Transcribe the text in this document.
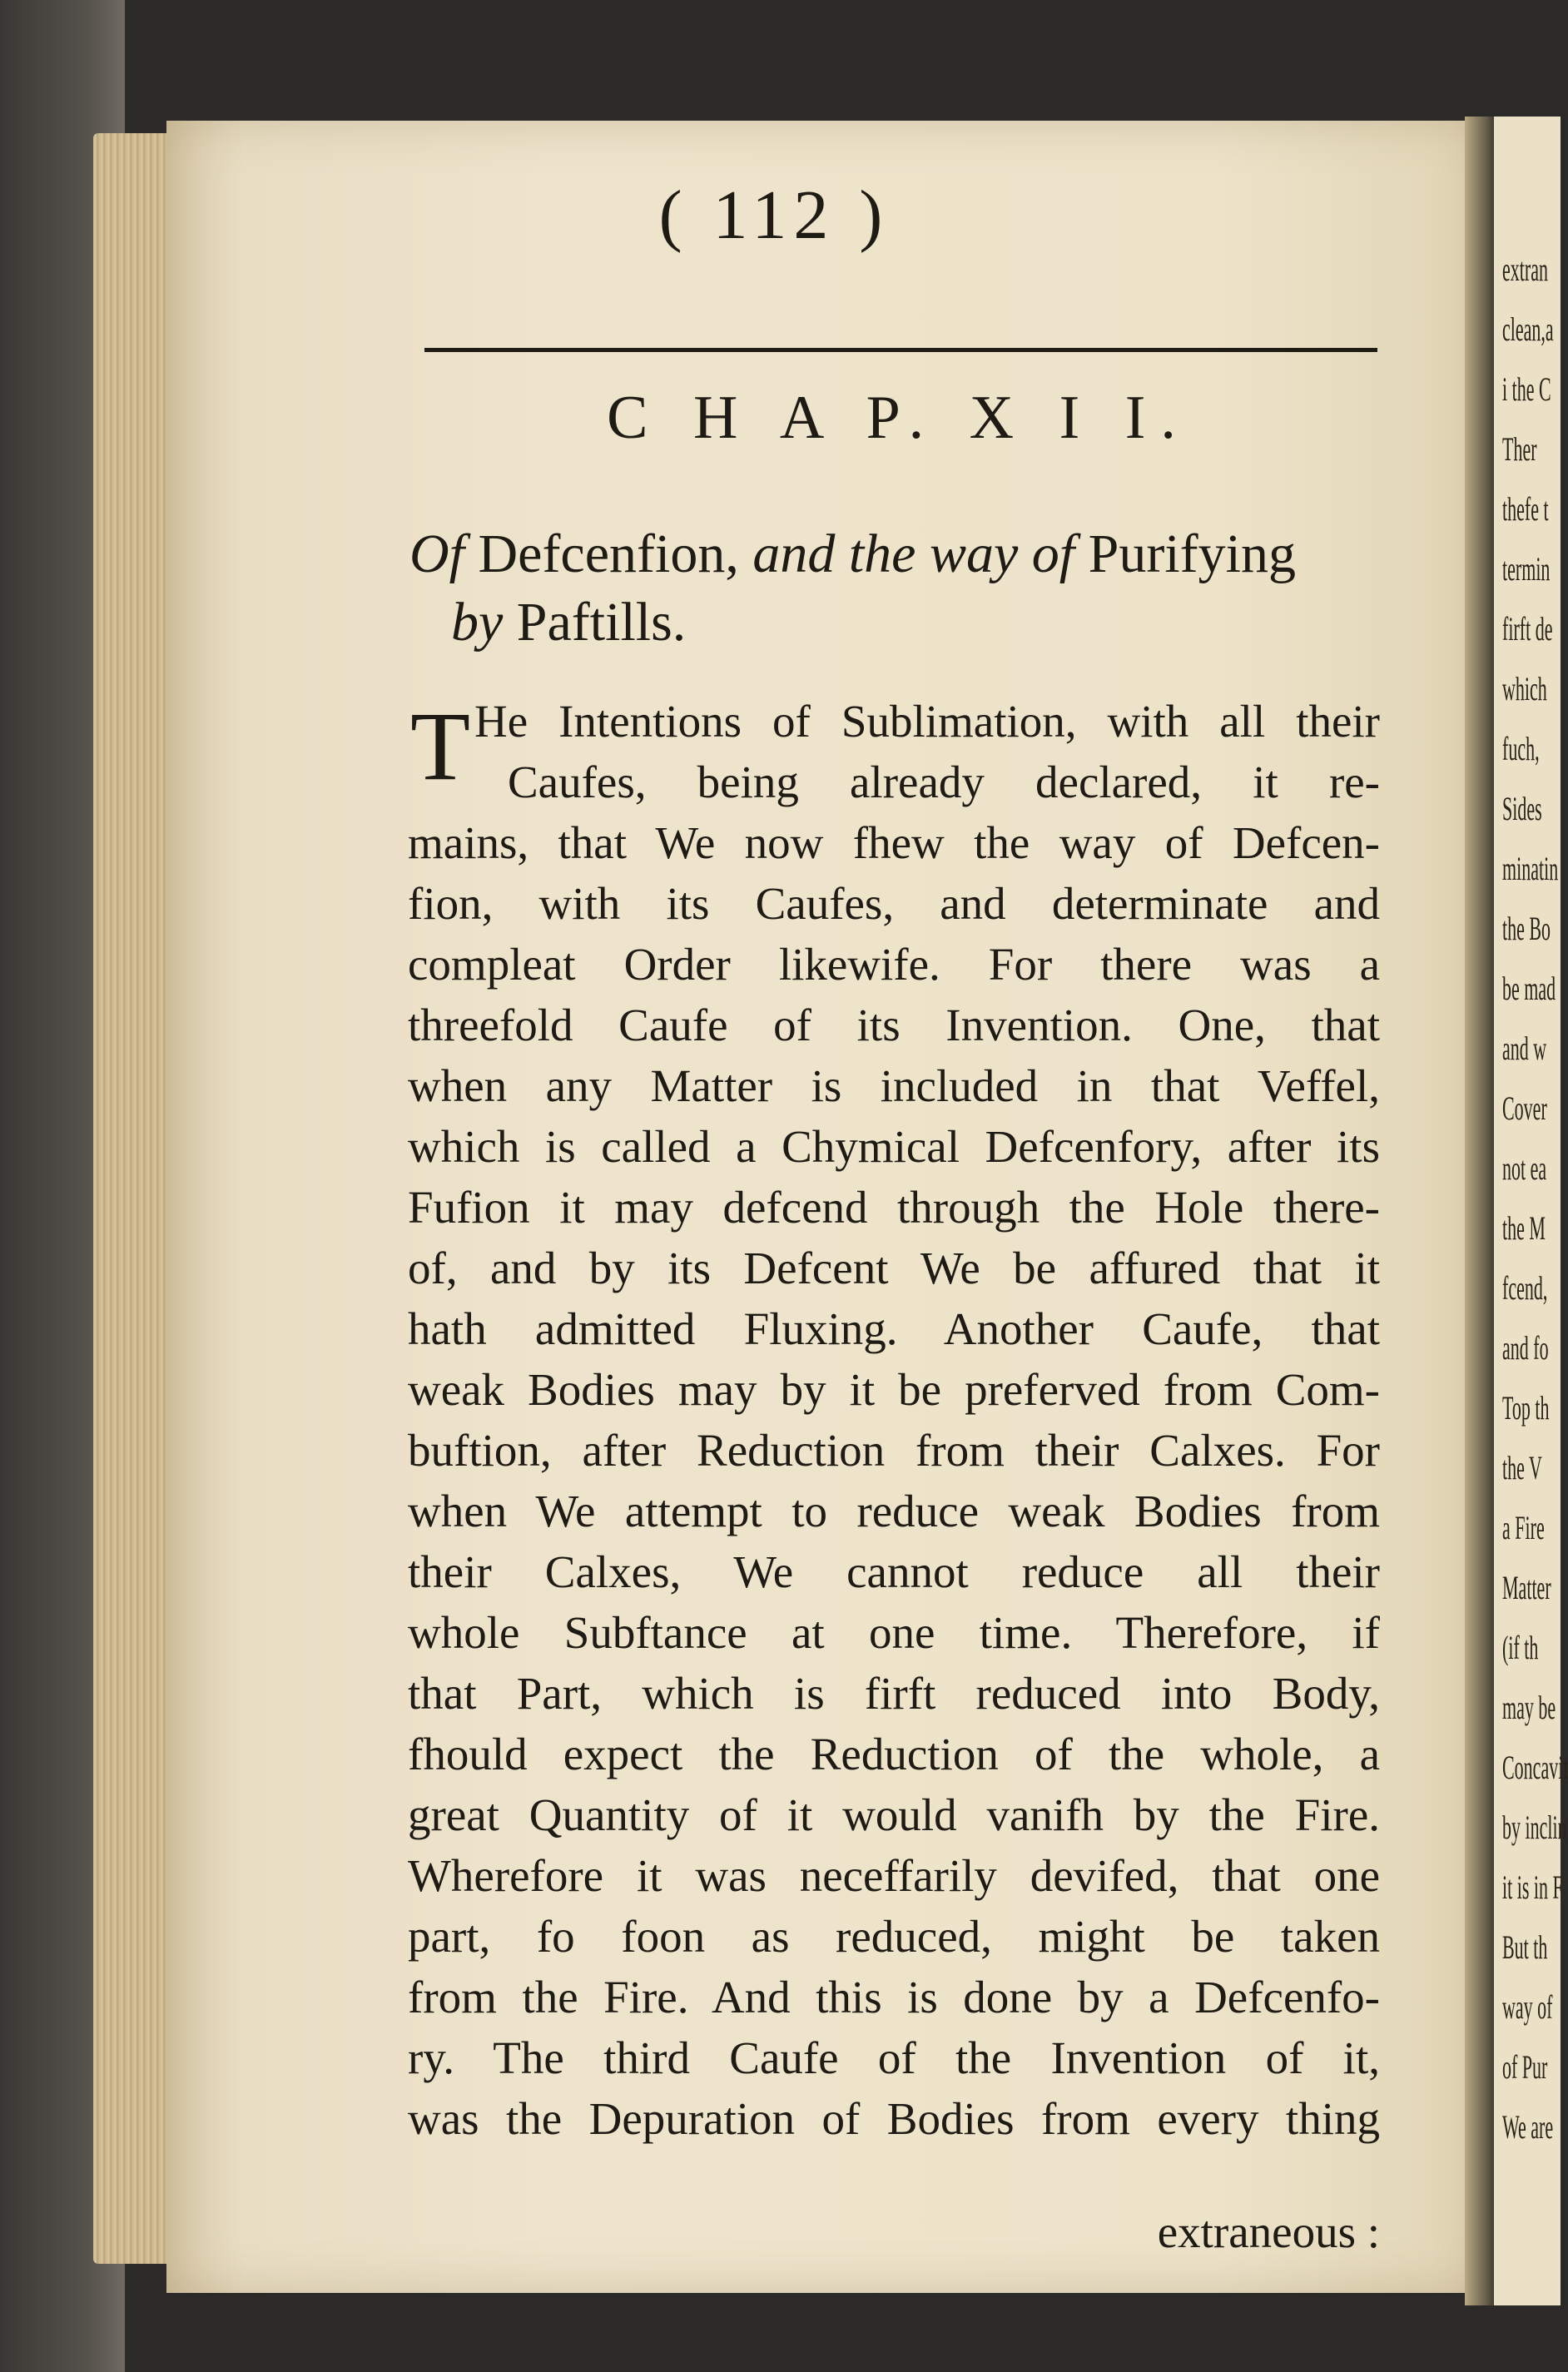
extran
clean,a
i the C
Ther
thefe t
termin
firft de
which
fuch,
Sides
minatin
the Bo
be mad
and w
Cover
not ea
the M
fcend,
and fo
Top th
the V
a Fire
Matter
(if th
may be
Concavit
by inclin
it is in F
But th
way of
of Pur
We are
( 112 )
C H A P. X I I.
Of Defcenfion, and the way of Purifying
by Paftills.
T He Intentions of Sublimation, with all their
Caufes, being already declared, it re-
mains, that We now fhew the way of Defcen-
fion, with its Caufes, and determinate and
compleat Order likewife. For there was a
threefold Caufe of its Invention. One, that
when any Matter is included in that Veffel,
which is called a Chymical Defcenfory, after its
Fufion it may defcend through the Hole there-
of, and by its Defcent We be affured that it
hath admitted Fluxing. Another Caufe, that
weak Bodies may by it be preferved from Com-
buftion, after Reduction from their Calxes. For
when We attempt to reduce weak Bodies from
their Calxes, We cannot reduce all their
whole Subftance at one time. Therefore, if
that Part, which is firft reduced into Body,
fhould expect the Reduction of the whole, a
great Quantity of it would vanifh by the Fire.
Wherefore it was neceffarily devifed, that one
part, fo foon as reduced, might be taken
from the Fire. And this is done by a Defcenfo-
ry. The third Caufe of the Invention of it,
was the Depuration of Bodies from every thing
extraneous :
